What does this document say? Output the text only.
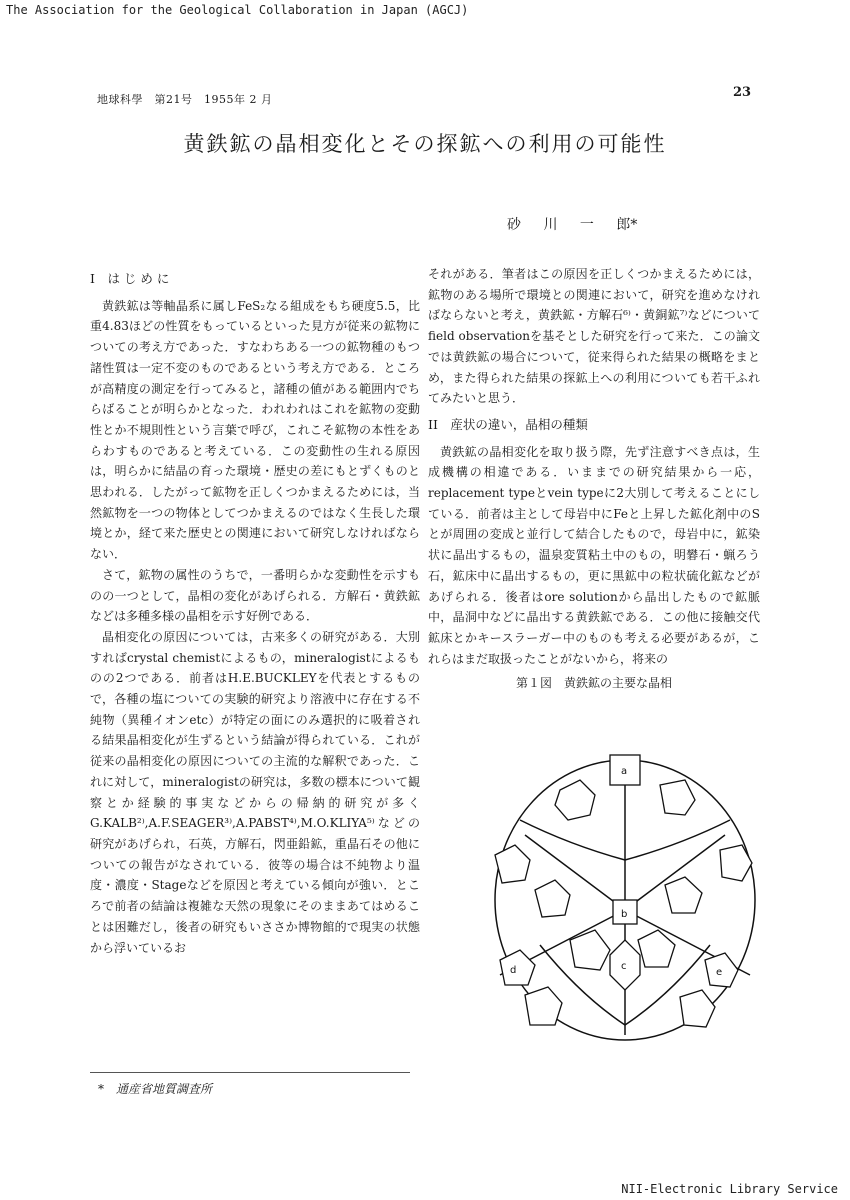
The Association for the Geological Collaboration in Japan (AGCJ)
地球科學　第21号　1955年 2 月	23
黄鉄鉱の晶相変化とその探鉱への利用の可能性
砂 川 一 郎*
I　は じ め に

黄鉄鉱は等軸晶系に属しFeS₂なる組成をもち硬度5.5，比重4.83ほどの性質をもっているといった見方が従来の鉱物についての考え方であった．すなわちある一つの鉱物種のもつ諸性質は一定不変のものであるという考え方である．ところが高精度の測定を行ってみると，諸種の値がある範囲内でちらばることが明らかとなった．われわれはこれを鉱物の変動性とか不規則性という言葉で呼び，これこそ鉱物の本性をあらわすものであると考えている．この変動性の生れる原因は，明らかに結晶の育った環境・歴史の差にもとずくものと思われる．したがって鉱物を正しくつかまえるためには，当然鉱物を一つの物体としてつかまえるのではなく生長した環境とか，経て来た歴史との関連において研究しなければならない．

さて，鉱物の属性のうちで，一番明らかな変動性を示すものの一つとして，晶相の変化があげられる．方解石・黄鉄鉱などは多種多様の晶相を示す好例である．

晶相変化の原因については，古来多くの研究がある．大別すればcrystal chemistによるもの，mineralogistによるものの2つである．前者はH.E.BUCKLEYを代表とするもので，各種の塩についての実験的研究より溶液中に存在する不純物（異種イオンetc）が特定の面にのみ選択的に吸着される結果晶相変化が生ずるという結論が得られている．これが従来の晶相変化の原因についての主流的な解釈であった．これに対して，mineralogistの研究は，多数の標本について観察とか経験的事実などからの帰納的研究が多くG.KALB²⁾,A.F.SEAGER³⁾,A.PABST⁴⁾,M.O.KLIYA⁵⁾などの研究があげられ，石英，方解石，閃亜鉛鉱，重晶石その他についての報告がなされている．彼等の場合は不純物より温度・濃度・Stageなどを原因と考えている傾向が強い．ところで前者の結論は複雑な天然の現象にそのままあてはめることは困難だし，後者の研究もいささか博物館的で現実の状態から浮いているお

それがある．筆者はこの原因を正しくつかまえるためには，鉱物のある場所で環境との関連において，研究を進めなければならないと考え，黄鉄鉱・方解石⁶⁾・黄銅鉱⁷⁾などについてfield observationを基そとした研究を行って来た．この論文では黄鉄鉱の場合について，従来得られた結果の概略をまとめ，また得られた結果の探鉱上への利用についても若干ふれてみたいと思う．

II　産状の違い，晶相の種類

黄鉄鉱の晶相変化を取り扱う際，先ず注意すべき点は，生成機構の相違である．いままでの研究結果から一応，replacement typeとvein typeに2大別して考えることにしている．前者は主として母岩中にFeと上昇した鉱化剤中のSとが周囲の変成と並行して結合したもので，母岩中に，鉱染状に晶出するもの，温泉変質粘土中のもの，明礬石・蝋ろう石，鉱床中に晶出するもの，更に黒鉱中の粒状硫化鉱などがあげられる．後者はore solutionから晶出したもので鉱脈中，晶洞中などに晶出する黄鉄鉱である．この他に接触交代鉱床とかキースラーガー中のものも考える必要があるが，これらはまだ取扱ったことがないから，将来の

第１図　黄鉄鉱の主要な晶相
a
b
c
d	e
*　通産省地質調査所
NII-Electronic Library Service
